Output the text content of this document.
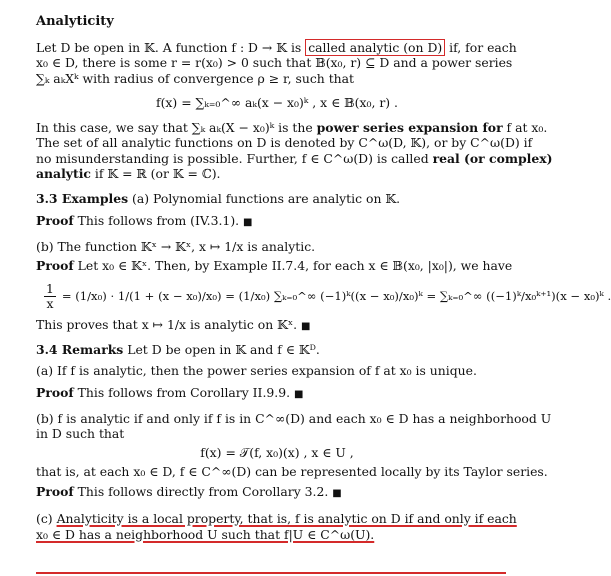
Analyticity
Let D be open in 𝕂. A function f : D → 𝕂 is called analytic (on D) if, for each
x₀ ∈ D, there is some r = r(x₀) > 0 such that 𝔹(x₀, r) ⊆ D and a power series
∑ₖ aₖXᵏ with radius of convergence ρ ≥ r, such that
f(x) = ∑ₖ₌₀^∞ aₖ(x − x₀)ᵏ , x ∈ 𝔹(x₀, r) .
In this case, we say that ∑ₖ aₖ(X − x₀)ᵏ is the power series expansion for f at x₀.
The set of all analytic functions on D is denoted by C^ω(D, 𝕂), or by C^ω(D) if
no misunderstanding is possible. Further, f ∈ C^ω(D) is called real (or complex)
analytic if 𝕂 = ℝ (or 𝕂 = ℂ).
3.3 Examples (a) Polynomial functions are analytic on 𝕂.
Proof This follows from (IV.3.1). ■
(b) The function 𝕂ˣ → 𝕂ˣ, x ↦ 1/x is analytic.
Proof Let x₀ ∈ 𝕂ˣ. Then, by Example II.7.4, for each x ∈ 𝔹(x₀, |x₀|), we have
$\frac{1}{x} = (1/x_0) \cdot 1/(1 + (x - x_0)/x_0) = (1/x_0)$ ∑ₖ₌₀^∞ (−1)ᵏ((x − x₀)/x₀)ᵏ = ∑ₖ₌₀^∞ ((−1)ᵏ/x₀ᵏ⁺¹)(x − x₀)ᵏ .
This proves that x ↦ 1/x is analytic on 𝕂ˣ. ■
3.4 Remarks Let D be open in 𝕂 and f ∈ 𝕂ᴰ.
(a) If f is analytic, then the power series expansion of f at x₀ is unique.
Proof This follows from Corollary II.9.9. ■
(b) f is analytic if and only if f is in C^∞(D) and each x₀ ∈ D has a neighborhood U
in D such that
f(x) = 𝒯(f, x₀)(x) , x ∈ U ,
that is, at each x₀ ∈ D, f ∈ C^∞(D) can be represented locally by its Taylor series.
Proof This follows directly from Corollary 3.2. ■
(c) Analyticity is a local property, that is, f is analytic on D if and only if each
x₀ ∈ D has a neighborhood U such that f|U ∈ C^ω(U).
